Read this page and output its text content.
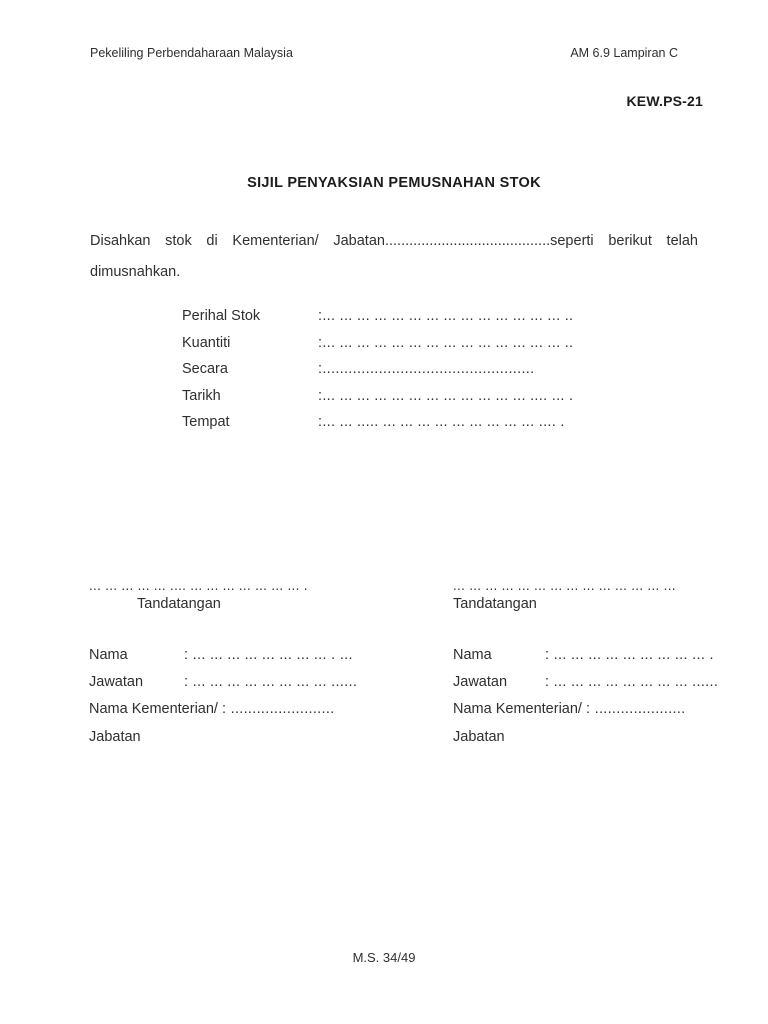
Pekeliling Perbendaharaan Malaysia	AM 6.9 Lampiran C
KEW.PS-21
SIJIL PENYAKSIAN PEMUSNAHAN STOK
Disahkan stok di Kementerian/ Jabatan.........................................seperti berikut telah
dimusnahkan.
Perihal Stok	:... ... ... ... ... ... ... ... ... ... ... ... ... ... ..
Kuantiti	:... ... ... ... ... ... ... ... ... ... ... ... ... ... ..
Secara	:.................................................
Tarikh	:... ... ... ... ... ... ... ... ... ... ... ... .... ... .
Tempat	:... ... ..... ... ... ... ... ... ... ... ... ... .... .
... ... ... ... ... .... ... ... ... ... ... ... ... .
Tandatangan
Nama	: ... ... ... ... ... ... ... ... . ...
Jawatan	: ... ... ... ... ... ... ... ... ......
Nama Kementerian/ : ........................
Jabatan
... ... ... ... ... ... ... ... ... ... ... ... ... ...
Tandatangan
Nama	: ... ... ... ... ... ... ... ... ... .
Jawatan	: ... ... ... ... ... ... ... ... ......
Nama Kementerian/ : .....................
Jabatan
M.S. 34/49
